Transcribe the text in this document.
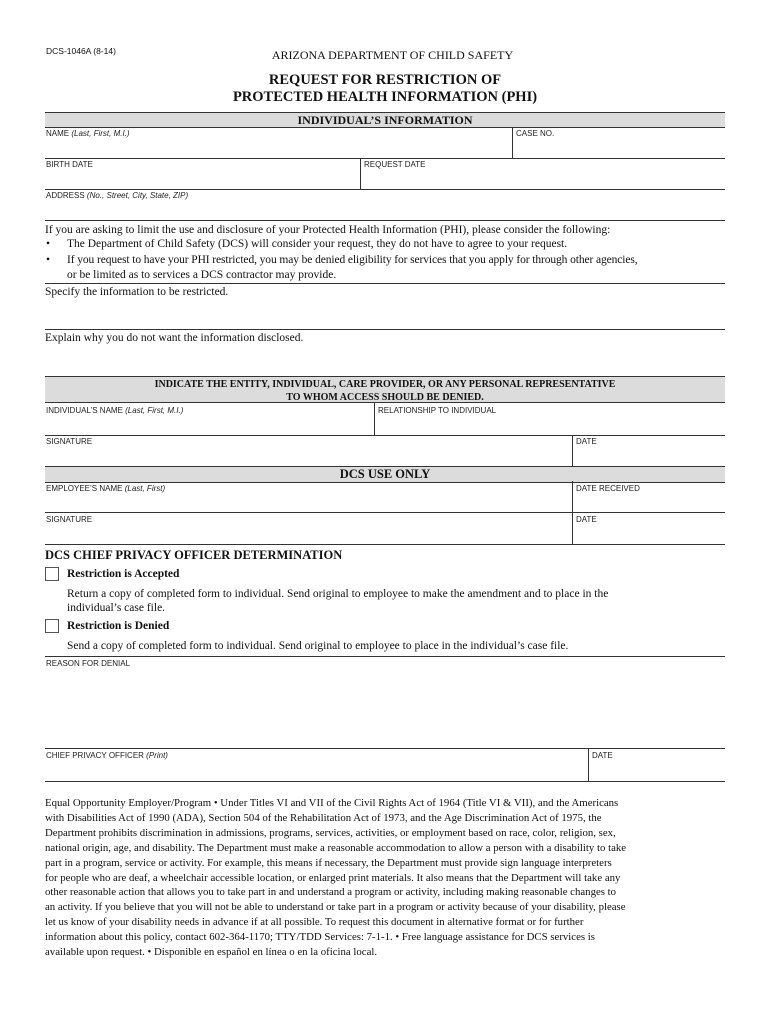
DCS-1046A (8-14)	ARIZONA DEPARTMENT OF CHILD SAFETY
REQUEST FOR RESTRICTION OF
PROTECTED HEALTH INFORMATION (PHI)
INDIVIDUAL’S INFORMATION
NAME (Last, First, M.I.)	CASE NO.
BIRTH DATE	REQUEST DATE
ADDRESS (No., Street, City, State, ZIP)
If you are asking to limit the use and disclosure of your Protected Health Information (PHI), please consider the following:
• The Department of Child Safety (DCS) will consider your request, they do not have to agree to your request.
• If you request to have your PHI restricted, you may be denied eligibility for services that you apply for through other agencies,
or be limited as to services a DCS contractor may provide.
Specify the information to be restricted.
Explain why you do not want the information disclosed.
INDICATE THE ENTITY, INDIVIDUAL, CARE PROVIDER, OR ANY PERSONAL REPRESENTATIVE
TO WHOM ACCESS SHOULD BE DENIED.
INDIVIDUAL’S NAME (Last, First, M.I.)	RELATIONSHIP TO INDIVIDUAL
SIGNATURE	DATE
DCS USE ONLY
EMPLOYEE’S NAME (Last, First)	DATE RECEIVED
SIGNATURE	DATE
DCS CHIEF PRIVACY OFFICER DETERMINATION
Restriction is Accepted
Return a copy of completed form to individual. Send original to employee to make the amendment and to place in the
individual’s case file.
Restriction is Denied
Send a copy of completed form to individual. Send original to employee to place in the individual’s case file.
REASON FOR DENIAL
CHIEF PRIVACY OFFICER (Print)	DATE
Equal Opportunity Employer/Program • Under Titles VI and VII of the Civil Rights Act of 1964 (Title VI & VII), and the Americans
with Disabilities Act of 1990 (ADA), Section 504 of the Rehabilitation Act of 1973, and the Age Discrimination Act of 1975, the
Department prohibits discrimination in admissions, programs, services, activities, or employment based on race, color, religion, sex,
national origin, age, and disability. The Department must make a reasonable accommodation to allow a person with a disability to take
part in a program, service or activity. For example, this means if necessary, the Department must provide sign language interpreters
for people who are deaf, a wheelchair accessible location, or enlarged print materials. It also means that the Department will take any
other reasonable action that allows you to take part in and understand a program or activity, including making reasonable changes to
an activity. If you believe that you will not be able to understand or take part in a program or activity because of your disability, please
let us know of your disability needs in advance if at all possible. To request this document in alternative format or for further
information about this policy, contact 602-364-1170; TTY/TDD Services: 7-1-1. • Free language assistance for DCS services is
available upon request. • Disponible en español en línea o en la oficina local.
